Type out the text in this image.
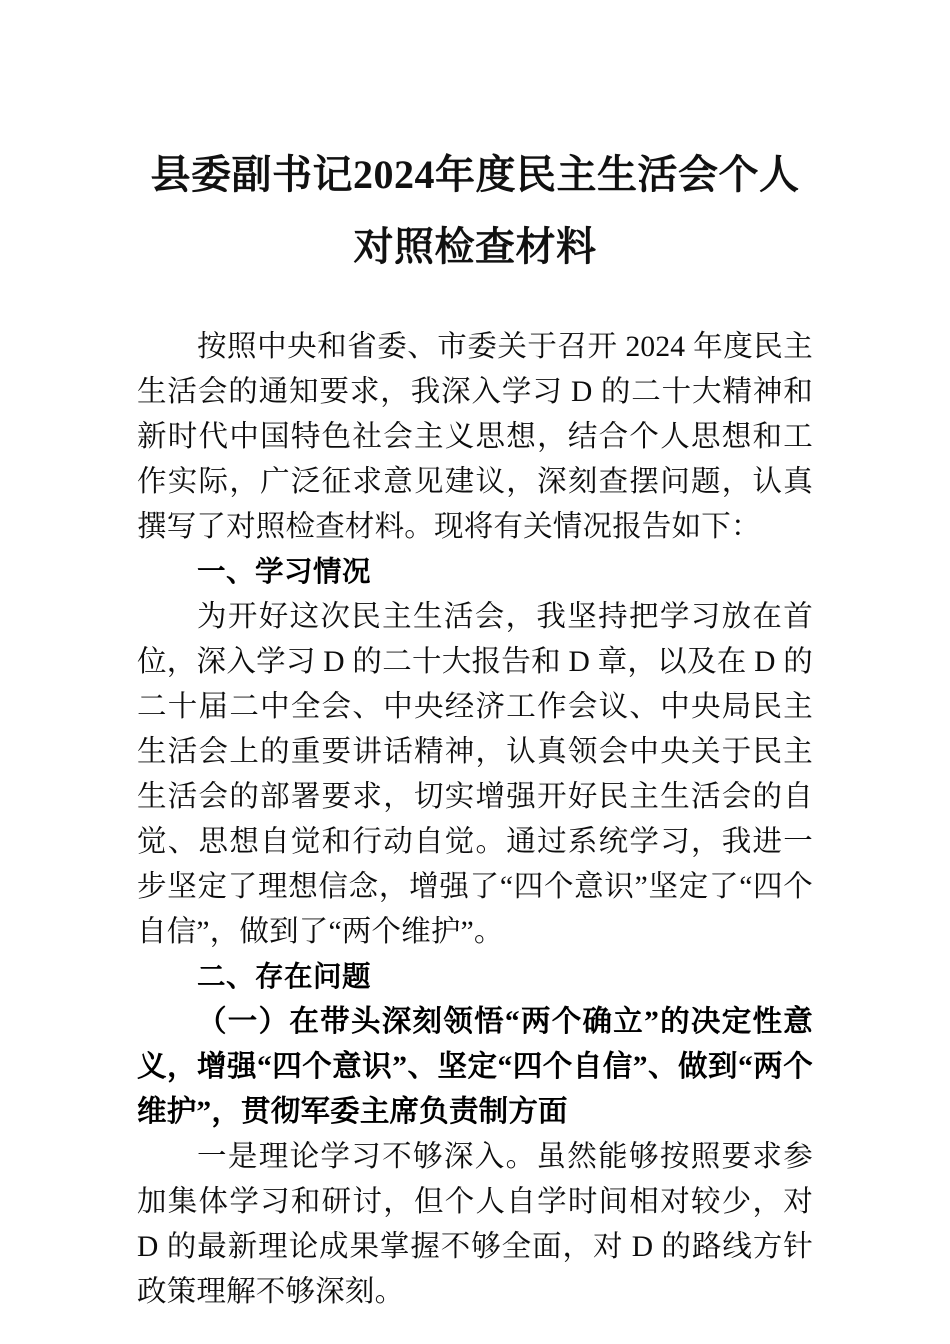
县委副书记2024年度民主生活会个人对照检查材料

按照中央和省委、市委关于召开 2024 年度民主生活会的通知要求，我深入学习 D 的二十大精神和新时代中国特色社会主义思想，结合个人思想和工作实际，广泛征求意见建议，深刻查摆问题，认真撰写了对照检查材料。现将有关情况报告如下：

一、学习情况

为开好这次民主生活会，我坚持把学习放在首位，深入学习 D 的二十大报告和 D 章，以及在 D 的二十届二中全会、中央经济工作会议、中央局民主生活会上的重要讲话精神，认真领会中央关于民主生活会的部署要求，切实增强开好民主生活会的自觉、思想自觉和行动自觉。通过系统学习，我进一步坚定了理想信念，增强了“四个意识”坚定了“四个自信”，做到了“两个维护”。

二、存在问题

（一）在带头深刻领悟“两个确立”的决定性意义，增强“四个意识”、坚定“四个自信”、做到“两个维护”，贯彻军委主席负责制方面

一是理论学习不够深入。虽然能够按照要求参加集体学习和研讨，但个人自学时间相对较少，对 D 的最新理论成果掌握不够全面，对 D 的路线方针政策理解不够深刻。
